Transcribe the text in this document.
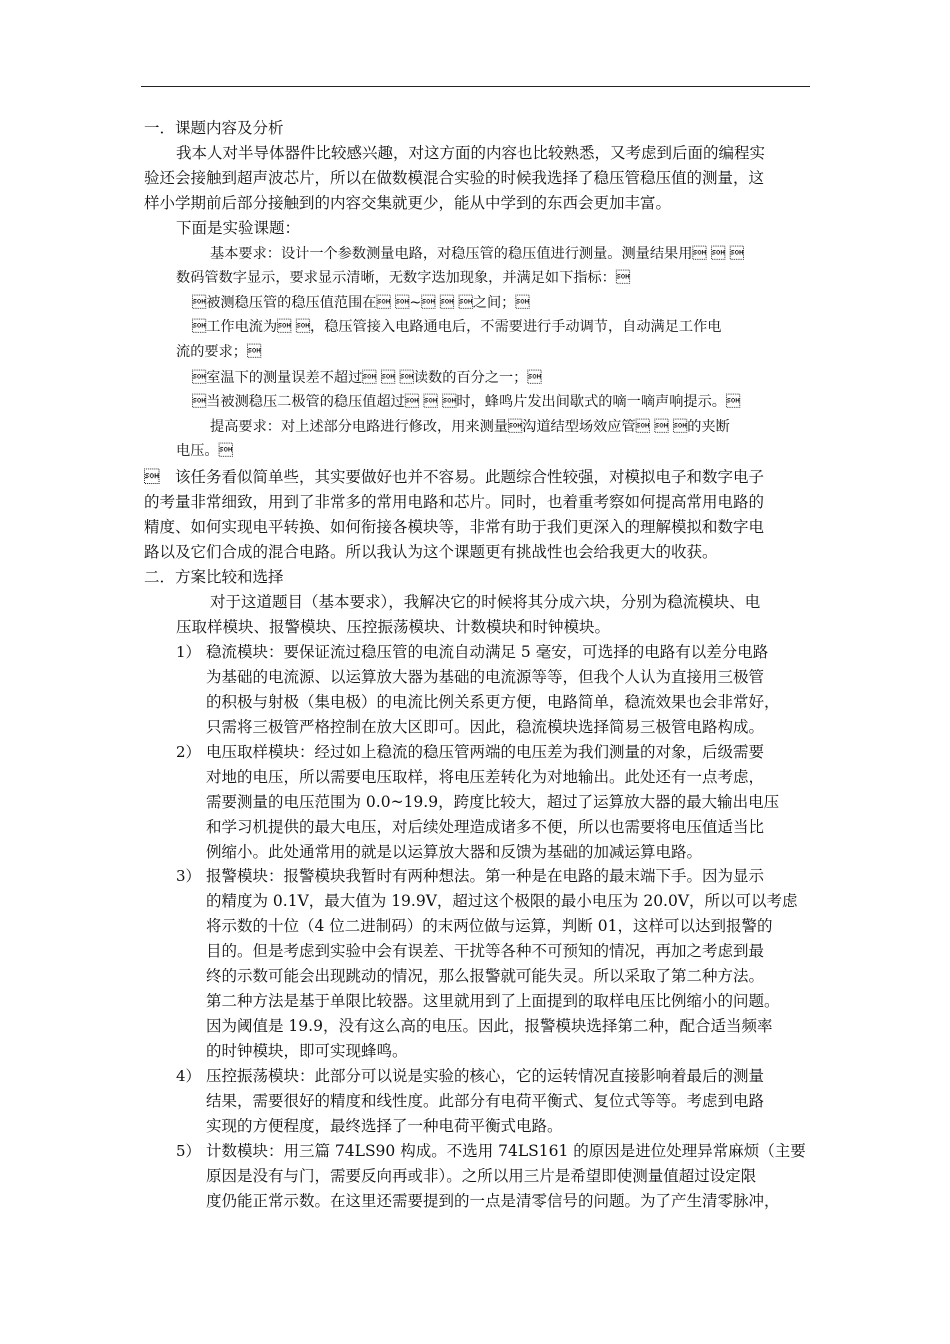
一．课题内容及分析
我本人对半导体器件比较感兴趣，对这方面的内容也比较熟悉，又考虑到后面的编程实
验还会接触到超声波芯片，所以在做数模混合实验的时候我选择了稳压管稳压值的测量，这
样小学期前后部分接触到的内容交集就更少，能从中学到的东西会更加丰富。
下面是实验课题：
基本要求：设计一个参数测量电路，对稳压管的稳压值进行测量。测量结果用  
数码管数字显示，要求显示清晰，无数字迭加现象，并满足如下指标：
被测稳压管的稳压值范围在 ~  之间；
工作电流为 ，稳压管接入电路通电后，不需要进行手动调节，自动满足工作电
流的要求；
室温下的测量误差不超过  读数的百分之一；
当被测稳压二极管的稳压值超过  时，蜂鸣片发出间歇式的嘀一嘀声响提示。
提高要求：对上述部分电路进行修改，用来测量沟道结型场效应管  的夹断
电压。
　该任务看似简单些，其实要做好也并不容易。此题综合性较强，对模拟电子和数字电子
的考量非常细致，用到了非常多的常用电路和芯片。同时，也着重考察如何提高常用电路的
精度、如何实现电平转换、如何衔接各模块等，非常有助于我们更深入的理解模拟和数字电
路以及它们合成的混合电路。所以我认为这个课题更有挑战性也会给我更大的收获。
二．方案比较和选择
对于这道题目（基本要求），我解决它的时候将其分成六块，分别为稳流模块、电
压取样模块、报警模块、压控振荡模块、计数模块和时钟模块。
1） 稳流模块：要保证流过稳压管的电流自动满足 5 毫安，可选择的电路有以差分电路
为基础的电流源、以运算放大器为基础的电流源等等，但我个人认为直接用三极管
的积极与射极（集电极）的电流比例关系更方便，电路简单，稳流效果也会非常好，
只需将三极管严格控制在放大区即可。因此，稳流模块选择简易三极管电路构成。
2） 电压取样模块：经过如上稳流的稳压管两端的电压差为我们测量的对象，后级需要
对地的电压，所以需要电压取样，将电压差转化为对地输出。此处还有一点考虑，
需要测量的电压范围为 0.0~19.9，跨度比较大，超过了运算放大器的最大输出电压
和学习机提供的最大电压，对后续处理造成诸多不便，所以也需要将电压值适当比
例缩小。此处通常用的就是以运算放大器和反馈为基础的加减运算电路。
3） 报警模块：报警模块我暂时有两种想法。第一种是在电路的最末端下手。因为显示
的精度为 0.1V，最大值为 19.9V，超过这个极限的最小电压为 20.0V，所以可以考虑
将示数的十位（4 位二进制码）的末两位做与运算，判断 01，这样可以达到报警的
目的。但是考虑到实验中会有误差、干扰等各种不可预知的情况，再加之考虑到最
终的示数可能会出现跳动的情况，那么报警就可能失灵。所以采取了第二种方法。
第二种方法是基于单限比较器。这里就用到了上面提到的取样电压比例缩小的问题。
因为阈值是 19.9，没有这么高的电压。因此，报警模块选择第二种，配合适当频率
的时钟模块，即可实现蜂鸣。
4） 压控振荡模块：此部分可以说是实验的核心，它的运转情况直接影响着最后的测量
结果，需要很好的精度和线性度。此部分有电荷平衡式、复位式等等。考虑到电路
实现的方便程度，最终选择了一种电荷平衡式电路。
5） 计数模块：用三篇 74LS90 构成。不选用 74LS161 的原因是进位处理异常麻烦（主要
原因是没有与门，需要反向再或非）。之所以用三片是希望即使测量值超过设定限
度仍能正常示数。在这里还需要提到的一点是清零信号的问题。为了产生清零脉冲，
